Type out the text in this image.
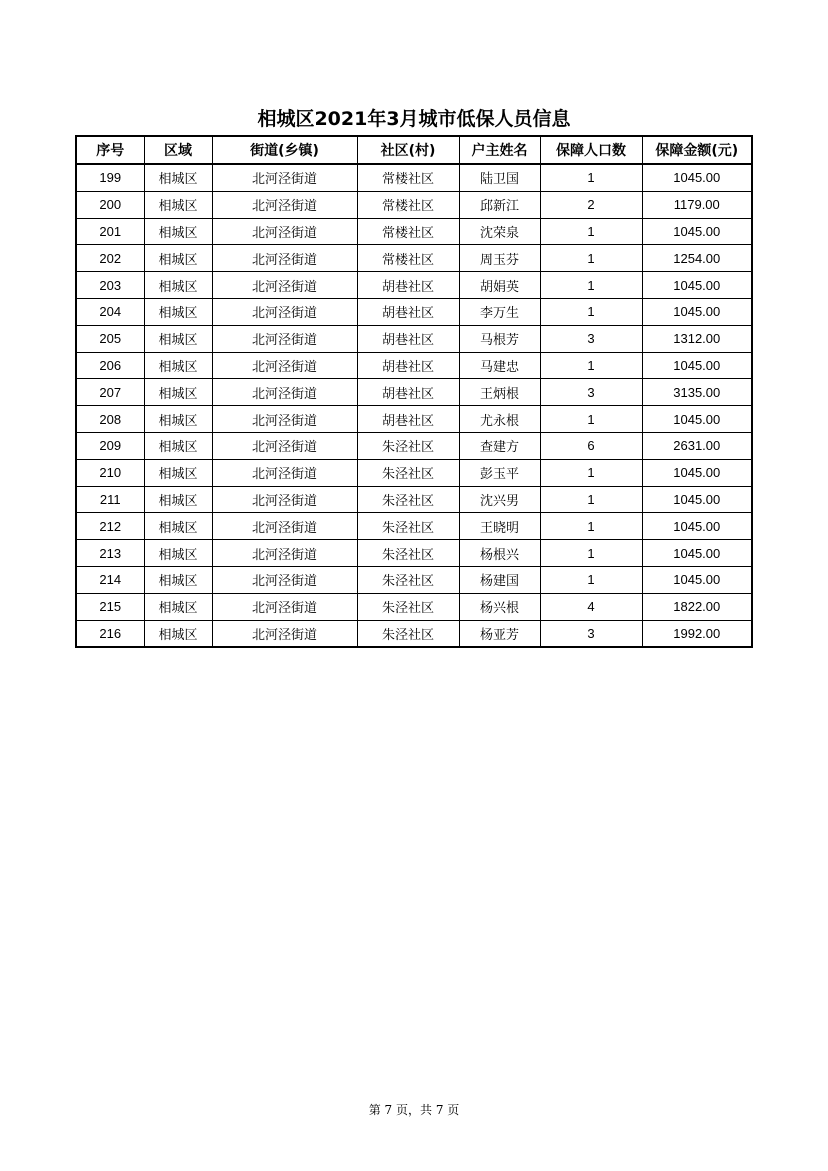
相城区2021年3月城市低保人员信息
序号	区域	街道(乡镇)	社区(村)	户主姓名	保障人口数	保障金额(元)
199	相城区	北河泾街道	常楼社区	陆卫国	1	1045.00
200	相城区	北河泾街道	常楼社区	邱新江	2	1179.00
201	相城区	北河泾街道	常楼社区	沈荣泉	1	1045.00
202	相城区	北河泾街道	常楼社区	周玉芬	1	1254.00
203	相城区	北河泾街道	胡巷社区	胡娟英	1	1045.00
204	相城区	北河泾街道	胡巷社区	李万生	1	1045.00
205	相城区	北河泾街道	胡巷社区	马根芳	3	1312.00
206	相城区	北河泾街道	胡巷社区	马建忠	1	1045.00
207	相城区	北河泾街道	胡巷社区	王炳根	3	3135.00
208	相城区	北河泾街道	胡巷社区	尤永根	1	1045.00
209	相城区	北河泾街道	朱泾社区	查建方	6	2631.00
210	相城区	北河泾街道	朱泾社区	彭玉平	1	1045.00
211	相城区	北河泾街道	朱泾社区	沈兴男	1	1045.00
212	相城区	北河泾街道	朱泾社区	王晓明	1	1045.00
213	相城区	北河泾街道	朱泾社区	杨根兴	1	1045.00
214	相城区	北河泾街道	朱泾社区	杨建国	1	1045.00
215	相城区	北河泾街道	朱泾社区	杨兴根	4	1822.00
216	相城区	北河泾街道	朱泾社区	杨亚芳	3	1992.00
第 7 页，共 7 页
